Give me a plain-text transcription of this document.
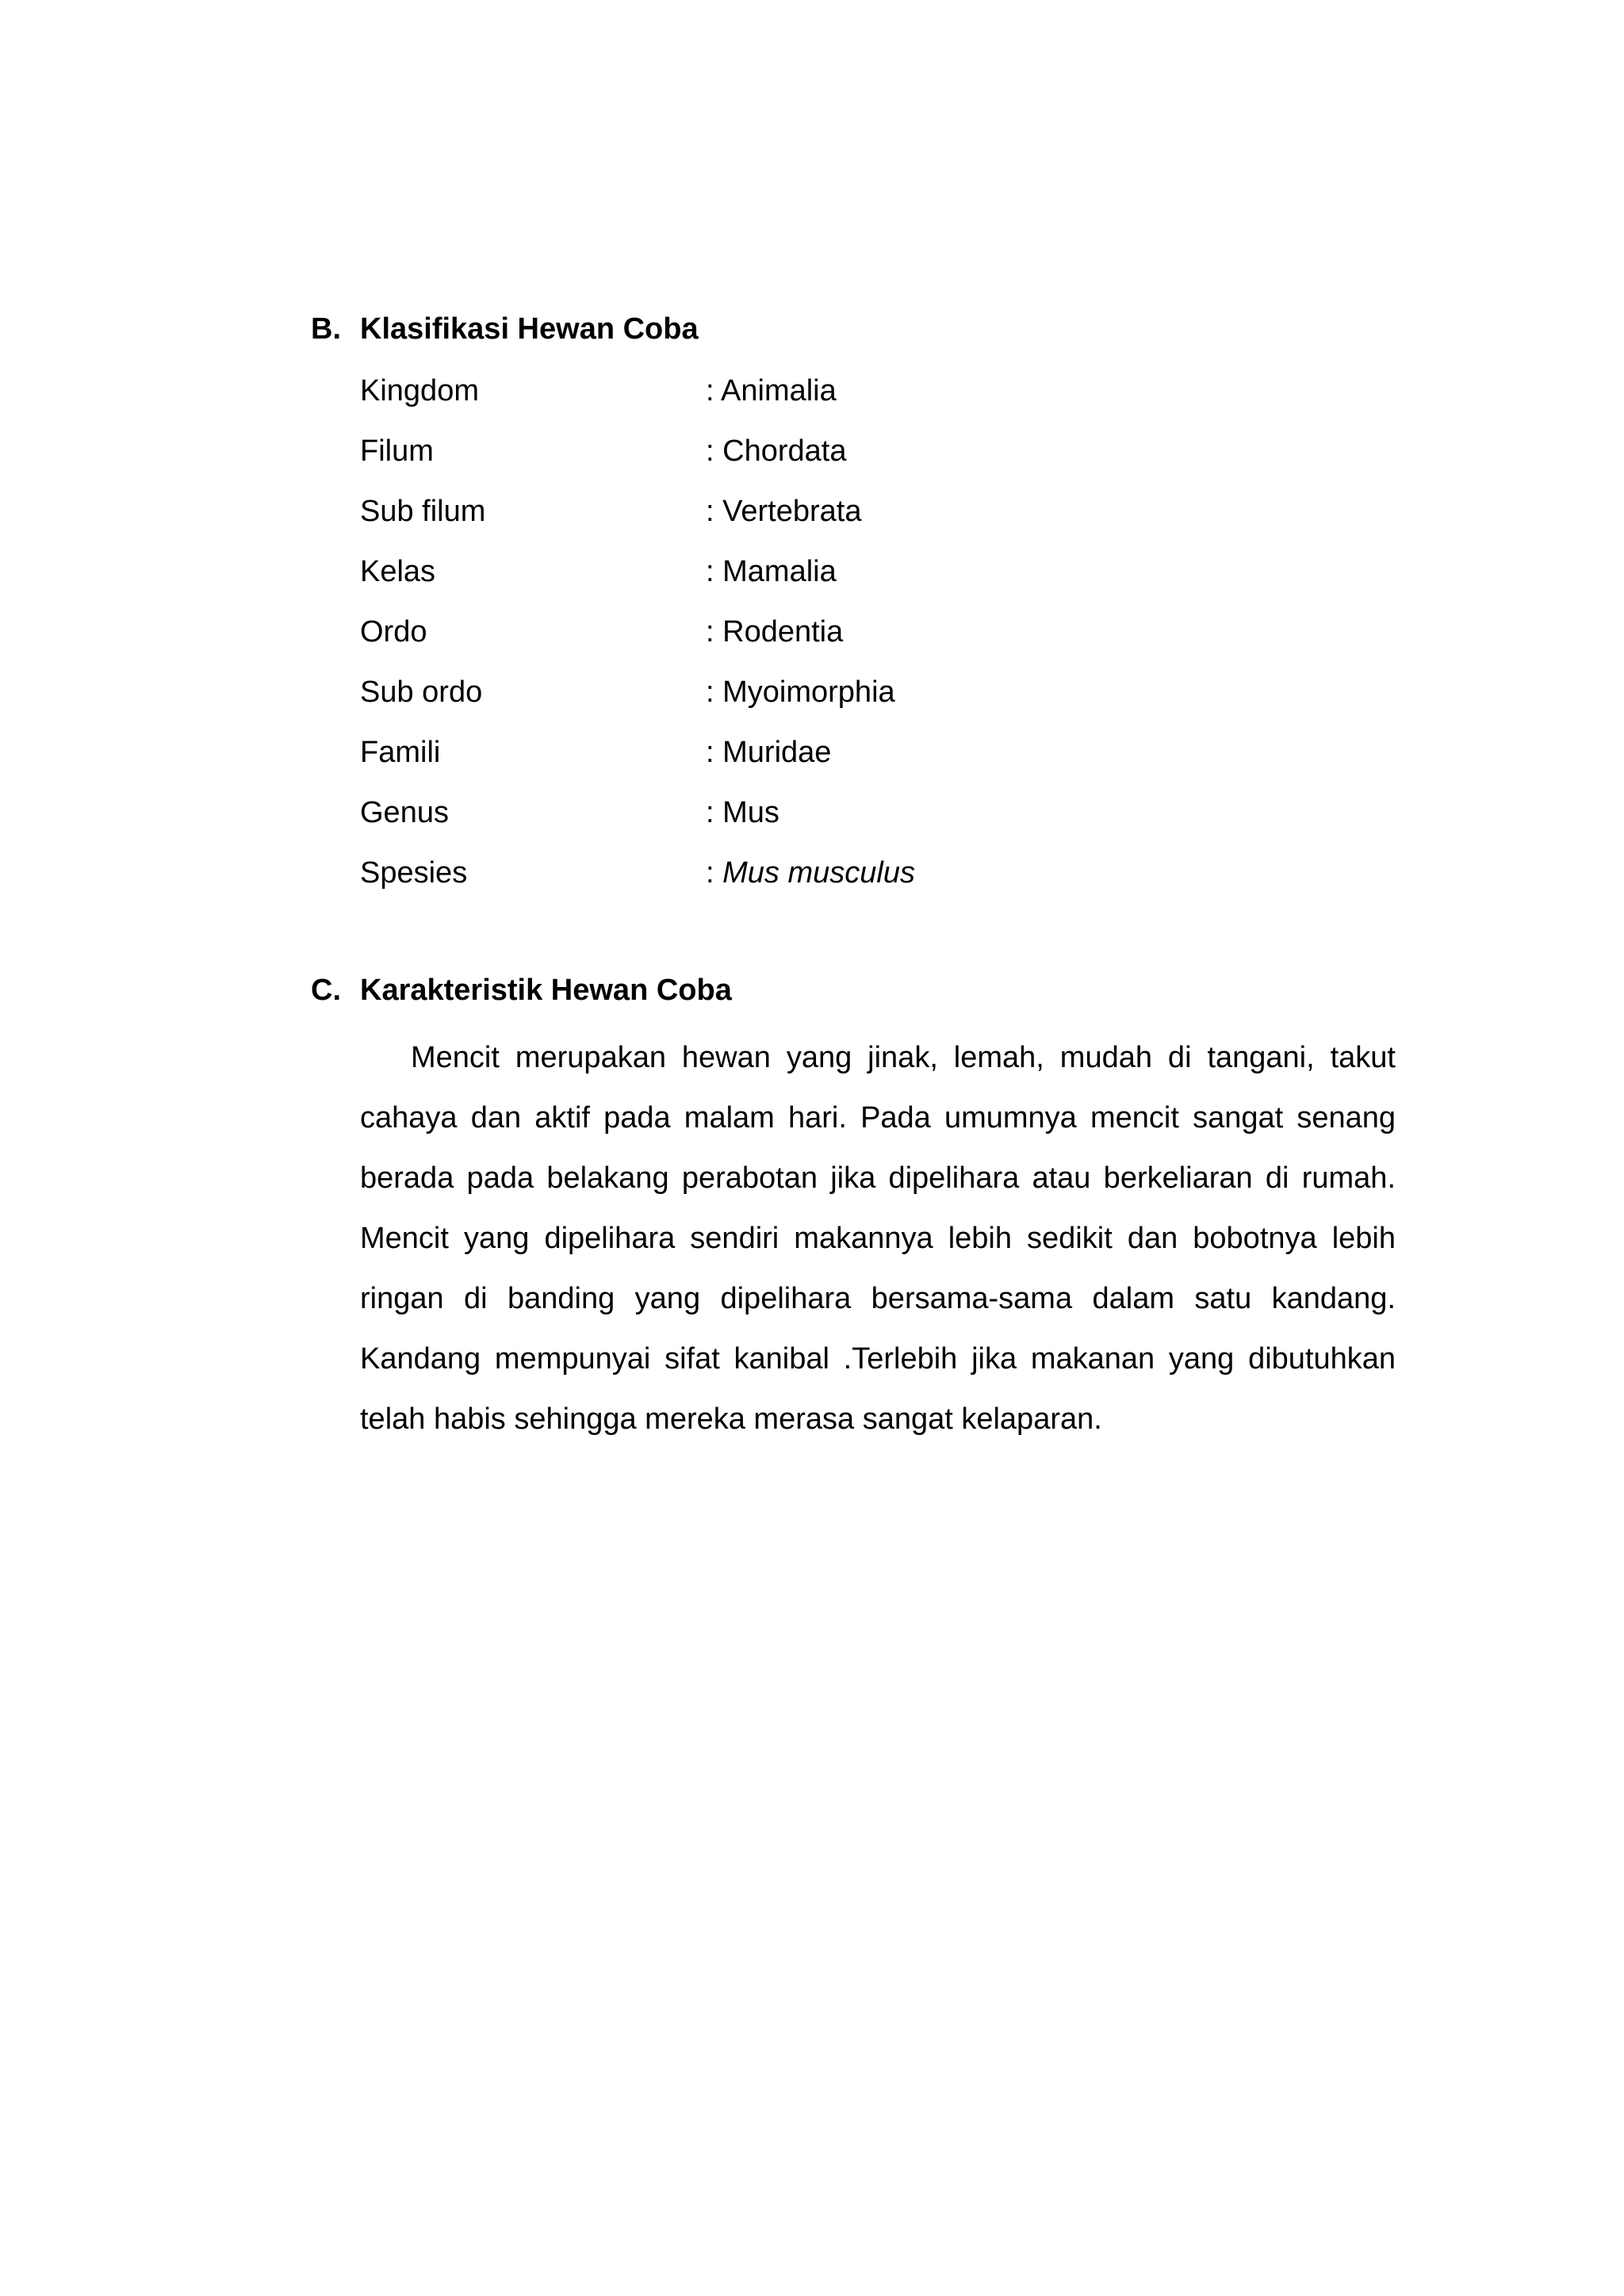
B. Klasifikasi Hewan Coba
Kingdom	: Animalia
Filum	: Chordata
Sub filum	: Vertebrata
Kelas	: Mamalia
Ordo	: Rodentia
Sub ordo	: Myoimorphia
Famili	: Muridae
Genus	: Mus
Spesies	: Mus musculus
C. Karakteristik Hewan Coba
Mencit merupakan hewan yang jinak, lemah, mudah di tangani, takut
cahaya dan aktif pada malam hari. Pada umumnya mencit sangat senang
berada pada belakang perabotan jika dipelihara atau berkeliaran di rumah.
Mencit yang dipelihara sendiri makannya lebih sedikit dan bobotnya lebih
ringan di banding yang dipelihara bersama-sama dalam satu kandang.
Kandang mempunyai sifat kanibal .Terlebih jika makanan yang dibutuhkan
telah habis sehingga mereka merasa sangat kelaparan.
